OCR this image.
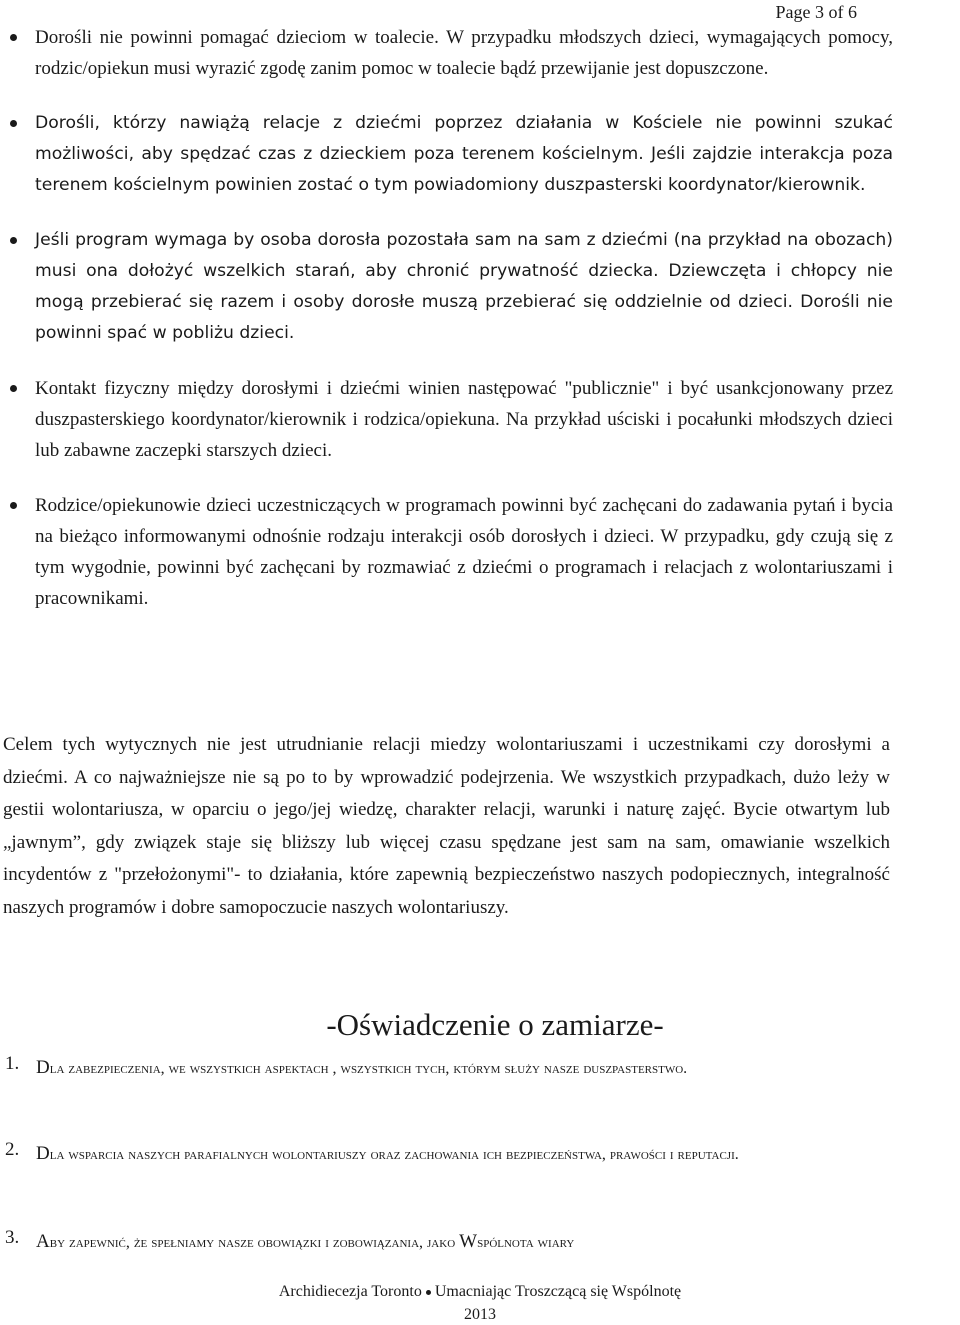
Page 3 of 6
Dorośli nie powinni pomagać dzieciom w toalecie. W przypadku młodszych dzieci, wymagających pomocy, rodzic/opiekun musi wyrazić zgodę zanim pomoc w toalecie bądź przewijanie jest dopuszczone.
Dorośli, którzy nawiążą relacje z dziećmi poprzez działania w Kościele nie powinni szukać możliwości, aby spędzać czas z dzieckiem poza terenem kościelnym. Jeśli zajdzie interakcja poza terenem kościelnym powinien zostać o tym powiadomiony duszpasterski koordynator/kierownik.
Jeśli program wymaga by osoba dorosła pozostała sam na sam z dziećmi (na przykład na obozach) musi ona dołożyć wszelkich starań, aby chronić prywatność dziecka. Dziewczęta i chłopcy nie mogą przebierać się razem i osoby dorosłe muszą przebierać się oddzielnie od dzieci. Dorośli nie powinni spać w pobliżu dzieci.
Kontakt fizyczny między dorosłymi i dziećmi winien następować "publicznie" i być usankcjonowany przez duszpasterskiego koordynator/kierownik i rodzica/opiekuna. Na przykład uściski i pocałunki młodszych dzieci lub zabawne zaczepki starszych dzieci.
Rodzice/opiekunowie dzieci uczestniczących w programach powinni być zachęcani do zadawania pytań i bycia na bieżąco informowanymi odnośnie rodzaju interakcji osób dorosłych i dzieci. W przypadku, gdy czują się z tym wygodnie, powinni być zachęcani by rozmawiać z dziećmi o programach i relacjach z wolontariuszami i pracownikami.
Celem tych wytycznych nie jest utrudnianie relacji miedzy wolontariuszami i uczestnikami czy dorosłymi a dziećmi. A co najważniejsze nie są po to by wprowadzić podejrzenia. We wszystkich przypadkach, dużo leży w gestii wolontariusza, w oparciu o jego/jej wiedzę, charakter relacji, warunki i naturę zajęć. Bycie otwartym lub „jawnym”, gdy związek staje się bliższy lub więcej czasu spędzane jest sam na sam, omawianie wszelkich incydentów z "przełożonymi"- to działania, które zapewnią bezpieczeństwo naszych podopiecznych, integralność naszych programów i dobre samopoczucie naszych wolontariuszy.
-Oświadczenie o zamiarze-
1. Dla zabezpieczenia, we wszystkich aspektach , wszystkich tych, którym służy nasze duszpasterstwo.
2. Dla wsparcia naszych parafialnych wolontariuszy oraz zachowania ich bezpieczeństwa, prawości i reputacji.
3. Aby zapewnić, że spełniamy nasze obowiązki i zobowiązania, jako Wspólnota wiary
Archidiecezja Toronto Umacniając Troszczącą się Wspólnotę
2013
